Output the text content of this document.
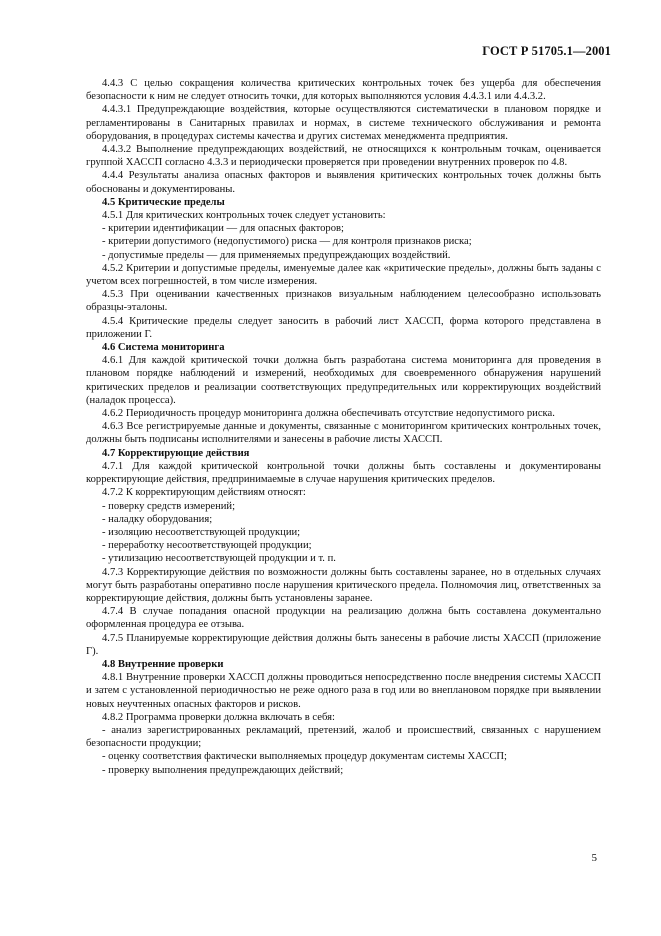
ГОСТ Р 51705.1—2001

4.4.3 С целью сокращения количества критических контрольных точек без ущерба для обеспечения безопасности к ним не следует относить точки, для которых выполняются условия 4.4.3.1 или 4.4.3.2.

4.4.3.1 Предупреждающие воздействия, которые осуществляются систематически в плановом порядке и регламентированы в Санитарных правилах и нормах, в системе технического обслуживания и ремонта оборудования, в процедурах системы качества и других системах менеджмента предприятия.

4.4.3.2 Выполнение предупреждающих воздействий, не относящихся к контрольным точкам, оценивается группой ХАССП согласно 4.3.3 и периодически проверяется при проведении внутренних проверок по 4.8.

4.4.4 Результаты анализа опасных факторов и выявления критических контрольных точек должны быть обоснованы и документированы.

4.5 Критические пределы

4.5.1 Для критических контрольных точек следует установить:

- критерии идентификации — для опасных факторов;

- критерии допустимого (недопустимого) риска — для контроля признаков риска;

- допустимые пределы — для применяемых предупреждающих воздействий.

4.5.2 Критерии и допустимые пределы, именуемые далее как «критические пределы», должны быть заданы с учетом всех погрешностей, в том числе измерения.

4.5.3 При оценивании качественных признаков визуальным наблюдением целесообразно использовать образцы-эталоны.

4.5.4 Критические пределы следует заносить в рабочий лист ХАССП, форма которого представлена в приложении Г.

4.6 Система мониторинга

4.6.1 Для каждой критической точки должна быть разработана система мониторинга для проведения в плановом порядке наблюдений и измерений, необходимых для своевременного обнаружения нарушений критических пределов и реализации соответствующих предупредительных или корректирующих воздействий (наладок процесса).

4.6.2 Периодичность процедур мониторинга должна обеспечивать отсутствие недопустимого риска.

4.6.3 Все регистрируемые данные и документы, связанные с мониторингом критических контрольных точек, должны быть подписаны исполнителями и занесены в рабочие листы ХАССП.

4.7 Корректирующие действия

4.7.1 Для каждой критической контрольной точки должны быть составлены и документированы корректирующие действия, предпринимаемые в случае нарушения критических пределов.

4.7.2 К корректирующим действиям относят:

- поверку средств измерений;

- наладку оборудования;

- изоляцию несоответствующей продукции;

- переработку несоответствующей продукции;

- утилизацию несоответствующей продукции и т. п.

4.7.3 Корректирующие действия по возможности должны быть составлены заранее, но в отдельных случаях могут быть разработаны оперативно после нарушения критического предела. Полномочия лиц, ответственных за корректирующие действия, должны быть установлены заранее.

4.7.4 В случае попадания опасной продукции на реализацию должна быть составлена документально оформленная процедура ее отзыва.

4.7.5 Планируемые корректирующие действия должны быть занесены в рабочие листы ХАССП (приложение Г).

4.8 Внутренние проверки

4.8.1 Внутренние проверки ХАССП должны проводиться непосредственно после внедрения системы ХАССП и затем с установленной периодичностью не реже одного раза в год или во внеплановом порядке при выявлении новых неучтенных опасных факторов и рисков.

4.8.2 Программа проверки должна включать в себя:

- анализ зарегистрированных рекламаций, претензий, жалоб и происшествий, связанных с нарушением безопасности продукции;

- оценку соответствия фактически выполняемых процедур документам системы ХАССП;

- проверку выполнения предупреждающих действий;

5
